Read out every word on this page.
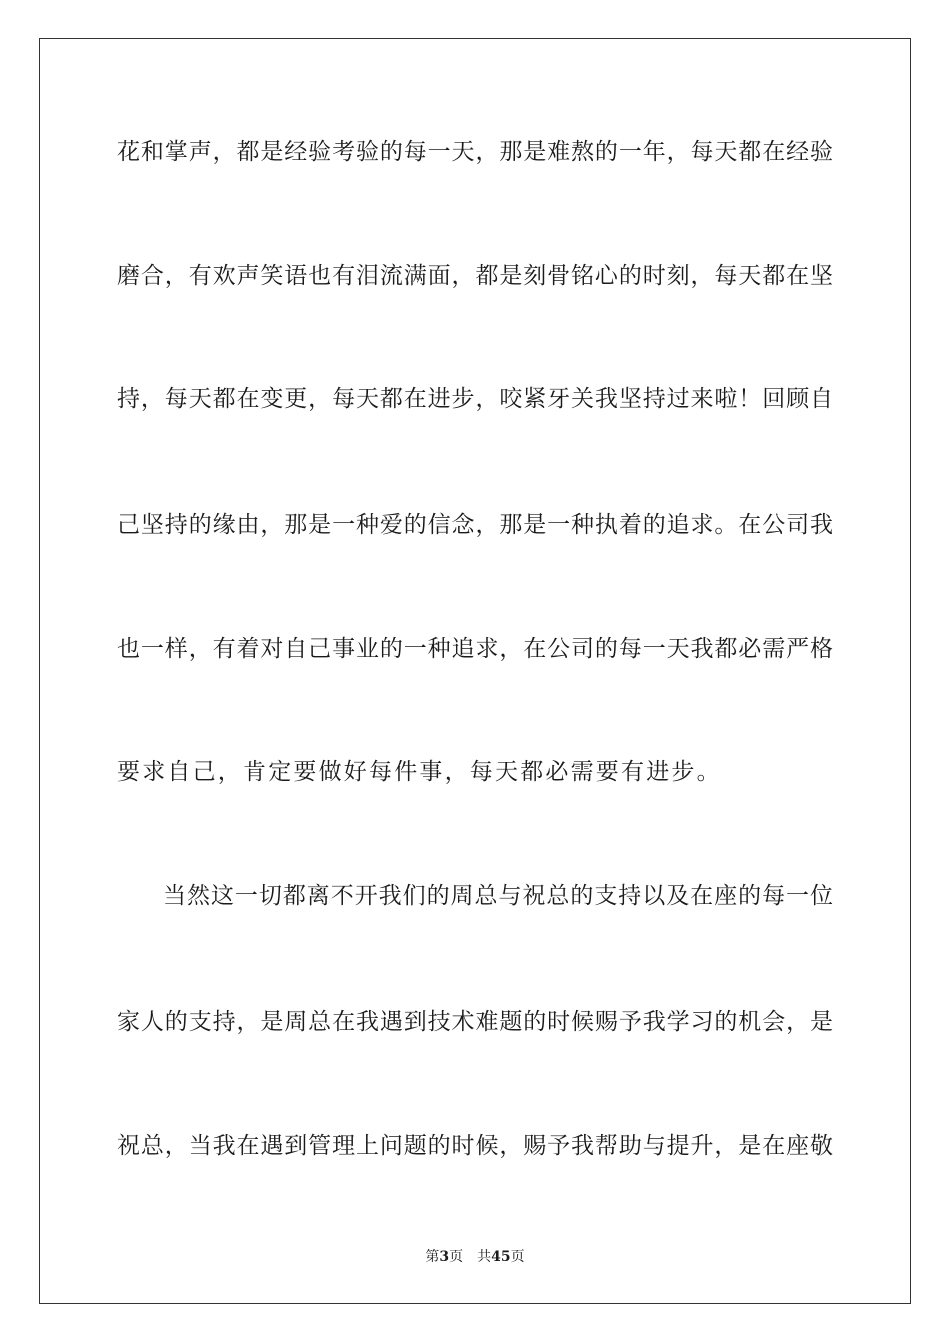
花和掌声，都是经验考验的每一天，那是难熬的一年，每天都在经验
磨合，有欢声笑语也有泪流满面，都是刻骨铭心的时刻，每天都在坚
持，每天都在变更，每天都在进步，咬紧牙关我坚持过来啦！回顾自
己坚持的缘由，那是一种爱的信念，那是一种执着的追求。在公司我
也一样，有着对自己事业的一种追求，在公司的每一天我都必需严格
要求自己，肯定要做好每件事，每天都必需要有进步。
当然这一切都离不开我们的周总与祝总的支持以及在座的每一位
家人的支持，是周总在我遇到技术难题的时候赐予我学习的机会，是
祝总，当我在遇到管理上问题的时候，赐予我帮助与提升，是在座敬
第3页 共45页
